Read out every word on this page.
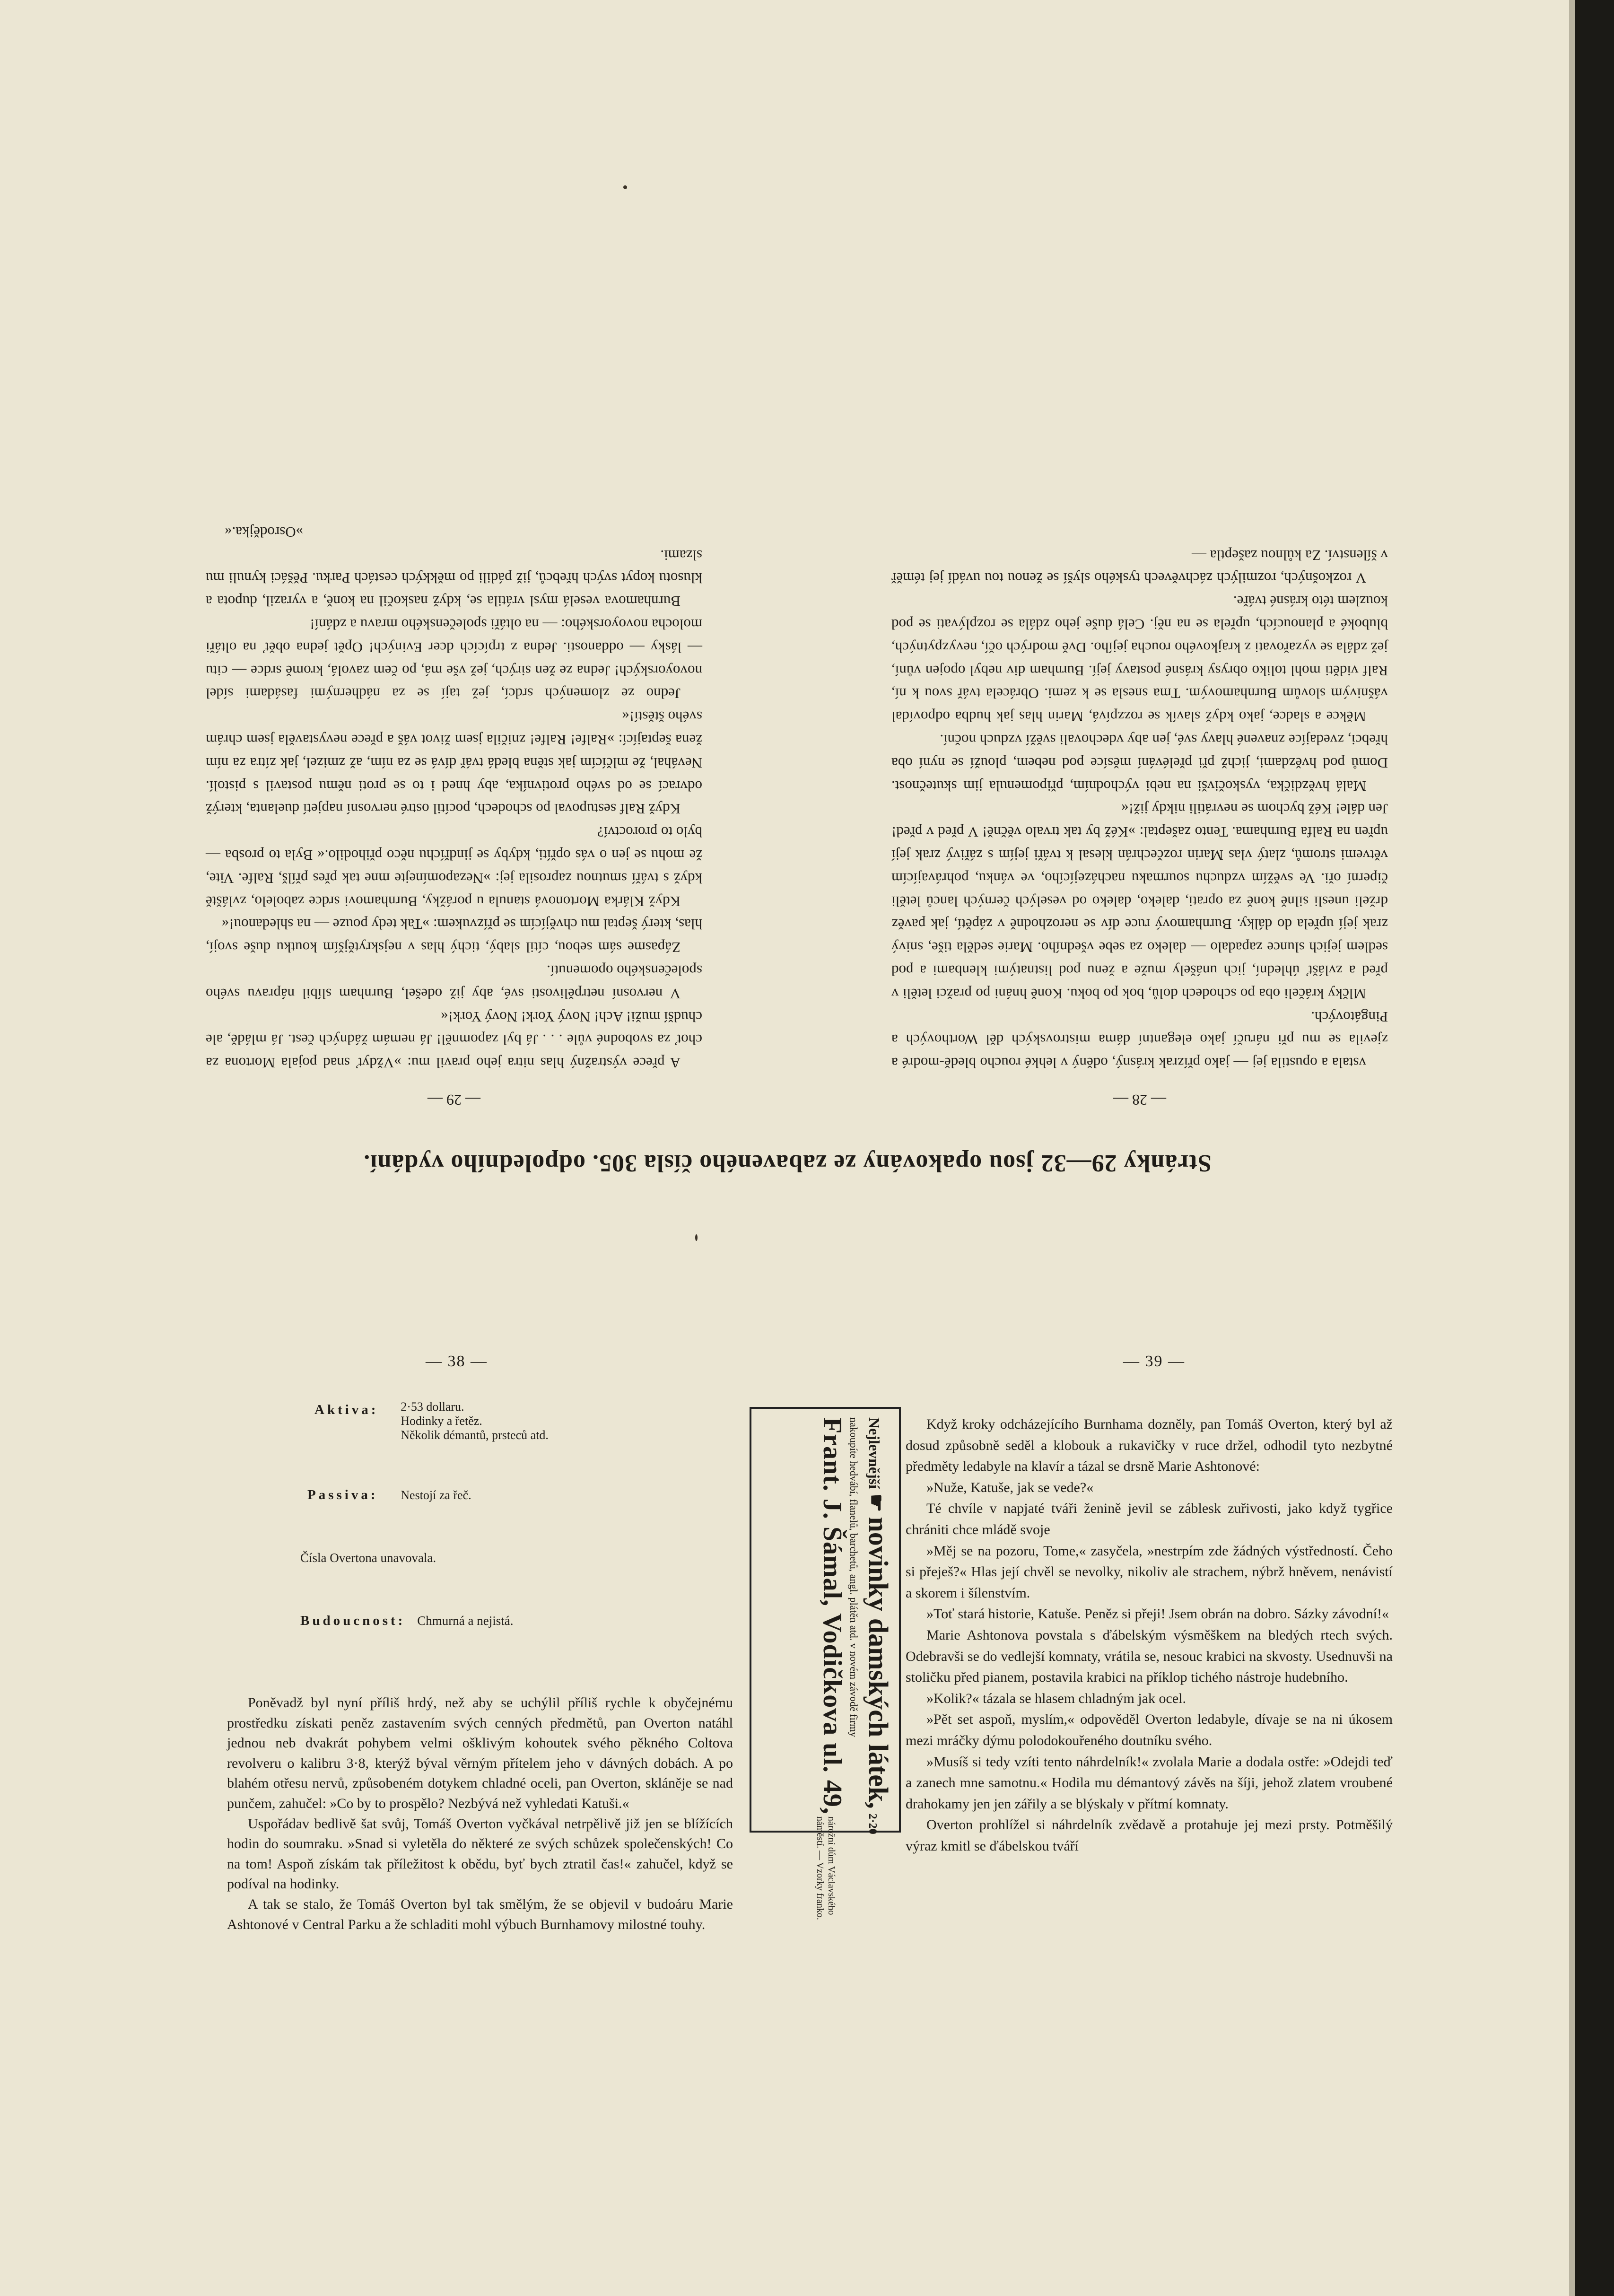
— 28 —

vstala a opustila jej — jako přízrak krásný, oděný v lehké roucho bledě-modré a zjevila se mu při náručí jako elegantní dáma mistrovských děl Worthových a Pingátových.

Mlčky kráčeli oba po schodech dolů, bok po boku. Koně hnáni po pražci letěli v před a zvlášť úhlední, jich unášely muže a ženu pod listnatými klenbami a pod sedlem jejich slunce zapadalo — daleko za sebe všedního. Marie seděla tiše, snivý zrak její upřela do dálky. Burnhamový ruce dív se nerozhodně v zápětí, jak pavěz drželi unesli silně koně za oprati, daleko, daleko od veselých černých lanců letěli čiperní oři. Ve svěžím vzduchu sourmaku nacházejícího, ve vánku, pohrávajícím větvemi stromů, zlatý vlas Marin rozčechrán klesal k tváři jejím s zářivý zrak její upřen na Ralfa Burnhama. Tento zašeptal: »Kéž by tak trvalo věčně! V před v před! Jen dále! Kéž bychom se nevrátili nikdy již!«

Malá hvězdička, vyskočivši na nebi východním, připomenula jim skutečnost. Domů pod hvězdami, jichž při přelévání měsíce pod nebem, plouží se nyní oba hřebci, zvedajíce znavené hlavy své, jen aby vdechovali svěží vzduch noční.

Měkce a sladce, jako když slavík se rozzpívá, Marin hlas jak hudba odpovídal vášnivým slovům Burnhamovým. Tma snesla se k zemi. Obrácela tvář svou k ní, Ralf viděti mohl toliko obrysy krásné postavy její. Burnham div nebyl opojen vůní, jež zdála se vyzařovati z krajkového roucha jejího. Dvě modrých očí, nevyzpytných, bluboké a planoucích, upřela se na něj. Celá duše jeho zdála se rozplývati se pod kouzlem této krásné tváře.

V rozkošných, rozmilých záchvěvech tyského slyší se ženou tou uvádí jej téměř v šílenství. Za kůlnou zašeptla —

— 29 —

A přece výstražný hlas nitra jeho pravil mu: »Vždyť snad pojala Mortona za choť za svobodné vůle . . . Já byl zapomněl! Já nemám žádných čest. Já mládě, ale chudší muži! Ach! Nový York! Nový York!«

V nervosní netrpělivosti své, aby již odešel, Burnham slíbil nápravu svého společenského opomenutí.

Zápasme sám sebou, cítil slabý, tichý hlas v nejskrytějším koutku duše svojí, hlas, který šeptal mu chvějícím se přízvukem: »Tak tedy pouze — na shledanou!«

Když Klárka Mortonová stanula u porážky, Burnhamovi srdce zabolelo, zvláště když s tváří smutnou zaprosila jej: »Nezapomínejte mne tak přes přílš, Ralfe. Vite, že mohu se jen o vás opříti, kdyby se jindříchu něco přihodilo.« Byla to prosba — bylo to proroctví?

Když Ralf sestupoval po schodech, pocítil ostré nervosní napjetí duelanta, kterýž odvrací se od svého protivníka, aby hned i to se proti němu postavil s pistolí. Neváhal, že mlčícím jak stěna bledá tvář dívá se za ním, až zmizel, jak zítra za ním žena šeptající: »Ralfe! Ralfe! zničila jsem život váš a přece nevystavěla jsem chrám svého štěstí!«

Jedno ze zlomených srdcí, jež tají se za nádhernými fasádami sídel novoyorských! Jedna ze žen sirých, jež vše má, po čem zavolá, kromě srdce — citu — lásky — oddanosti. Jedna z trpících dcer Eviných! Opět jedna oběť na oltáři molocha novoyorského: — na oltáři společenského mravu a zdání!

Burnhamova veselá mysl vrátila se, když naskočil na koně, a vyrazil, dupota a klusotu kopyt svých hřebců, již pádili po měkkých cestách Parku. Pěšáci kynuli mu slzami.

»Osrodějka.«

Stránky 29—32 jsou opakovány ze zabaveného čísla 305. odpoledního vydání.
— 38 —	— 39 —
Aktiva: 2·53 dollaru.
Hodinky a řetěz.
Několik démantů, prsteců atd.
Passiva: Nestojí za řeč.
Čísla Overtona unavovala.
Budoucnost: Chmurná a nejistá.

Poněvadž byl nyní příliš hrdý, než aby se uchýlil příliš rychle k obyčejnému prostředku získati peněz zastavením svých cenných předmětů, pan Overton natáhl jednou neb dvakrát pohybem velmi ošklivým kohoutek svého pěkného Coltova revolveru o kalibru 3·8, kterýž býval věrným přítelem jeho v dávných dobách. A po blahém otřesu nervů, způsobeném dotykem chladné oceli, pan Overton, skláněje se nad punčem, zahučel: »Co by to prospělo? Nezbývá než vyhledati Katuši.«

Uspořádav bedlivě šat svůj, Tomáš Overton vyčkával netrpělivě již jen se blížících hodin do soumraku. »Snad si vyletěla do některé ze svých schůzek společenských! Co na tom! Aspoň získám tak příležitost k obědu, byť bych ztratil čas!« zahučel, když se podíval na hodinky.

A tak se stalo, že Tomáš Overton byl tak smělým, že se objevil v budoáru Marie Ashtonové v Central Parku a že schladiti mohl výbuch Burnhamovy milostné touhy.

Nejlevnější ☛ novinky damských látek, 2·20
nakoupíte hedvábí, flanelů, barchetů, angl. plátěn atd. v novém závodě firmy
Frant. J. Šámal, Vodičkova ul. 49, nárožní dům Václavského náměstí. — Vzorky franko.

Když kroky odcházejícího Burnhama dozněly, pan Tomáš Overton, který byl až dosud způsobně seděl a klobouk a rukavičky v ruce držel, odhodil tyto nezbytné předměty ledabyle na klavír a tázal se drsně Marie Ashtonové:

»Nuže, Katuše, jak se vede?«

Té chvíle v napjaté tváři ženině jevil se záblesk zuřivosti, jako když tygřice chrániti chce mládě svoje

»Měj se na pozoru, Tome,« zasyčela, »nestrpím zde žádných výstředností. Čeho si přeješ?« Hlas její chvěl se nevolky, nikoliv ale strachem, nýbrž hněvem, nenávistí a skorem i šílenstvím.

»Toť stará historie, Katuše. Peněz si přeji! Jsem obrán na dobro. Sázky závodní!«

Marie Ashtonova povstala s ďábelským výsměškem na bledých rtech svých. Odebravši se do vedlejší komnaty, vrátila se, nesouc krabici na skvosty. Usednuvši na stoličku před pianem, postavila krabici na příklop tichého nástroje hudebního.

»Kolik?« tázala se hlasem chladným jak ocel.

»Pět set aspoň, myslím,« odpověděl Overton ledabyle, dívaje se na ni úkosem mezi mráčky dýmu polodokouřeného doutníku svého.

»Musíš si tedy vzíti tento náhrdelník!« zvolala Marie a dodala ostře: »Odejdi teď a zanech mne samotnu.« Hodila mu démantový závěs na šíji, jehož zlatem vroubené drahokamy jen jen zářily a se blýskaly v přítmí komnaty.

Overton prohlížel si náhrdelník zvědavě a protahuje jej mezi prsty. Potměšilý výraz kmitl se ďábelskou tváří
